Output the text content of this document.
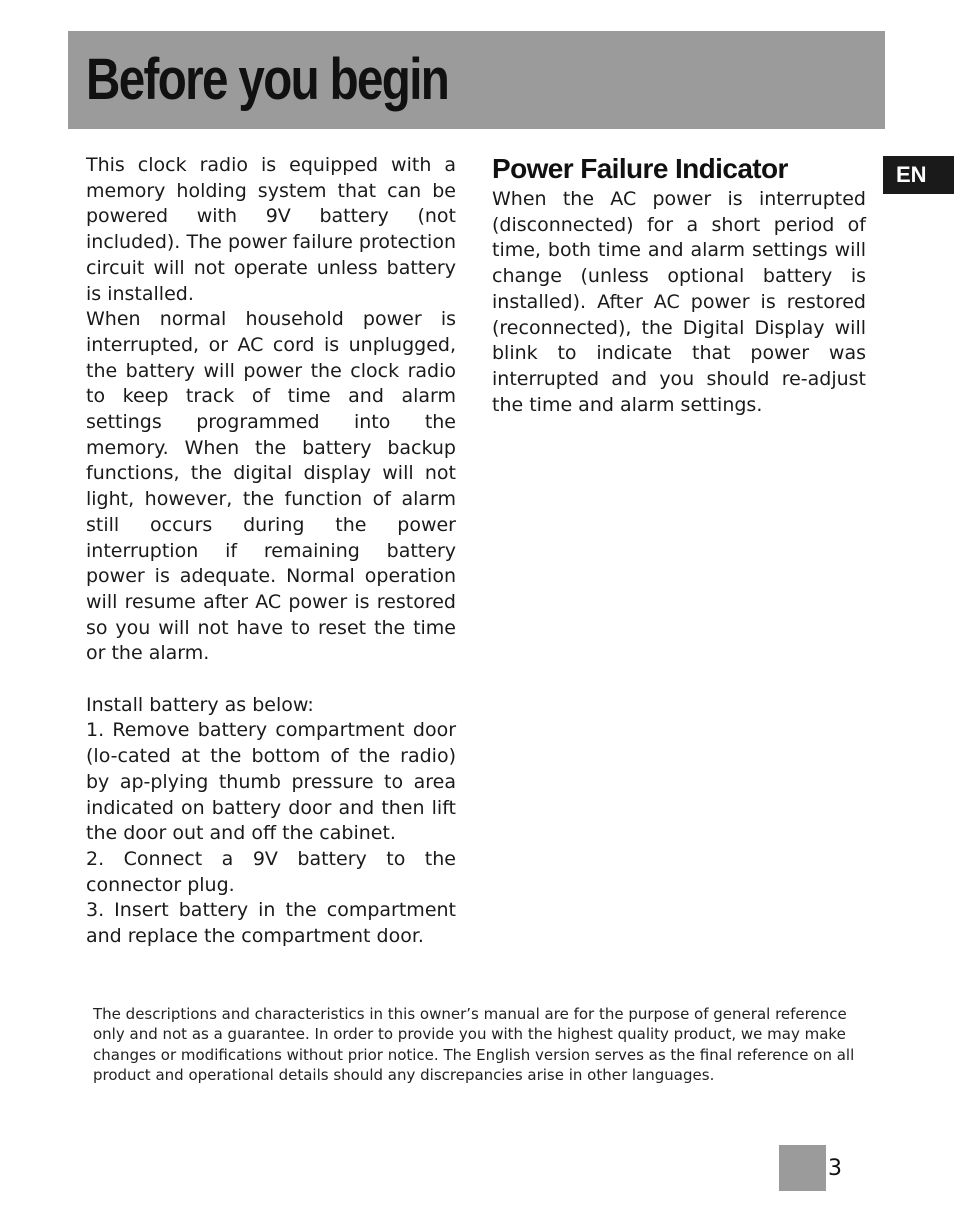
Before you begin
EN

This clock radio is equipped with a memory holding system that can be powered with 9V battery (not included). The power failure protection circuit will not operate unless battery is installed.

When normal household power is interrupted, or AC cord is unplugged, the battery will power the clock radio to keep track of time and alarm settings programmed into the memory. When the battery backup functions, the digital display will not light, however, the function of alarm still occurs during the power interruption if remaining battery power is adequate. Normal operation will resume after AC power is restored so you will not have to reset the time or the alarm.

Install battery as below:

1. Remove battery compartment door (lo-cated at the bottom of the radio) by ap-plying thumb pressure to area indicated on battery door and then lift the door out and off the cabinet.

2. Connect a 9V battery to the connector plug.

3. Insert battery in the compartment and replace the compartment door.

Power Failure Indicator

When the AC power is interrupted (disconnected) for a short period of time, both time and alarm settings will change (unless optional battery is installed). After AC power is restored (reconnected), the Digital Display will blink to indicate that power was interrupted and you should re-adjust the time and alarm settings.

The descriptions and characteristics in this owner’s manual are for the purpose of general reference only and not as a guarantee. In order to provide you with the highest quality product, we may make changes or modifications without prior notice. The English version serves as the final reference on all product and operational details should any discrepancies arise in other languages.
3
